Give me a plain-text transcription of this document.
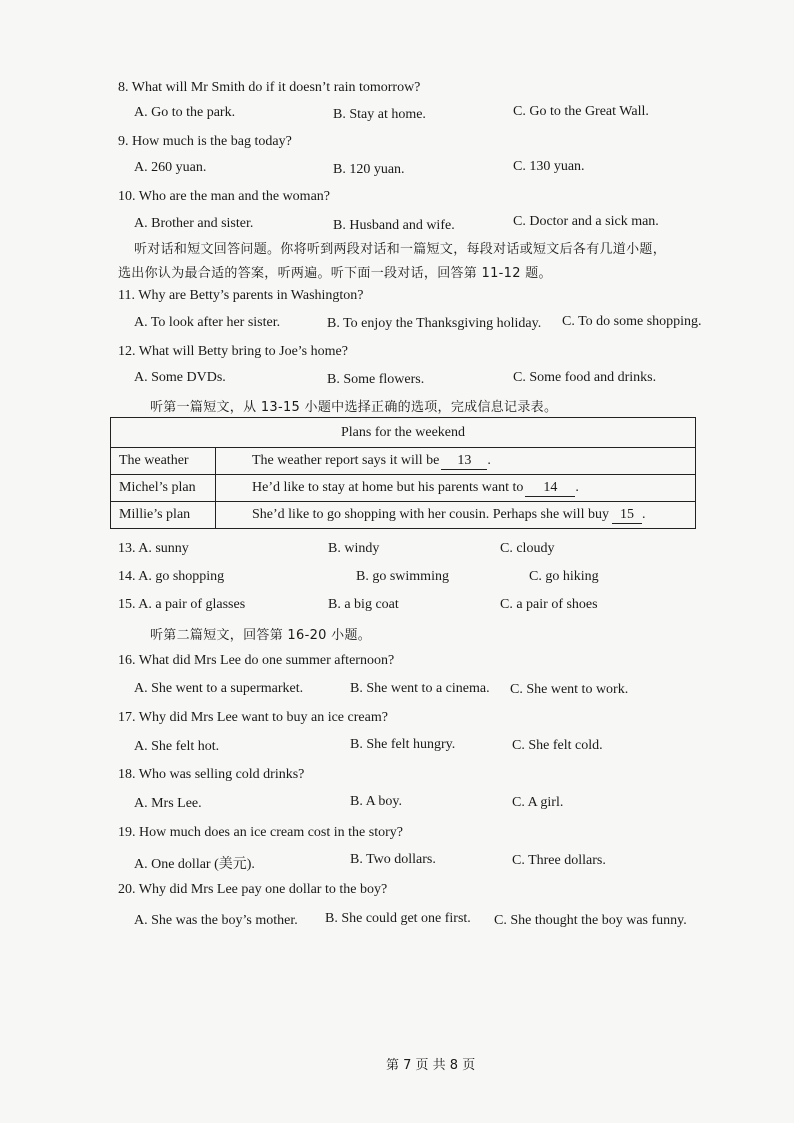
8. What will Mr Smith do if it doesn’t rain tomorrow?
A. Go to the park.	B. Stay at home.	C. Go to the Great Wall.
9. How much is the bag today?
A. 260 yuan.	B. 120 yuan.	C. 130 yuan.
10. Who are the man and the woman?
A. Brother and sister.	B. Husband and wife.	C. Doctor and a sick man.
听对话和短文回答问题。你将听到两段对话和一篇短文，每段对话或短文后各有几道小题，
选出你认为最合适的答案，听两遍。听下面一段对话，回答第 11-12 题。
11. Why are Betty’s parents in Washington?
A. To look after her sister.	B. To enjoy the Thanksgiving holiday. C. To do some shopping.
12. What will Betty bring to Joe’s home?
A. Some DVDs.	B. Some flowers.	C. Some food and drinks.
听第一篇短文，从 13-15 小题中选择正确的选项，完成信息记录表。
Plans for the weekend	
The weather	The weather report says it will be 13 .
Michel’s plan	He’d like to stay at home but his parents want to 14 .
Millie’s plan	She’d like to go shopping with her cousin. Perhaps she will buy 15 .
13. A. sunny	B. windy	C. cloudy
14. A. go shopping	B. go swimming	C. go hiking
15. A. a pair of glasses	B. a big coat	C. a pair of shoes
听第二篇短文，回答第 16-20 小题。
16. What did Mrs Lee do one summer afternoon?
A. She went to a supermarket.	B. She went to a cinema. C. She went to work.
17. Why did Mrs Lee want to buy an ice cream?
A. She felt hot.	B. She felt hungry.	C. She felt cold.
18. Who was selling cold drinks?
A. Mrs Lee.	B. A boy.	C. A girl.
19. How much does an ice cream cost in the story?
A. One dollar (美元).	B. Two dollars.	C. Three dollars.
20. Why did Mrs Lee pay one dollar to the boy?
A. She was the boy’s mother. B. She could get one first. C. She thought the boy was funny.
第 7 页 共 8 页
